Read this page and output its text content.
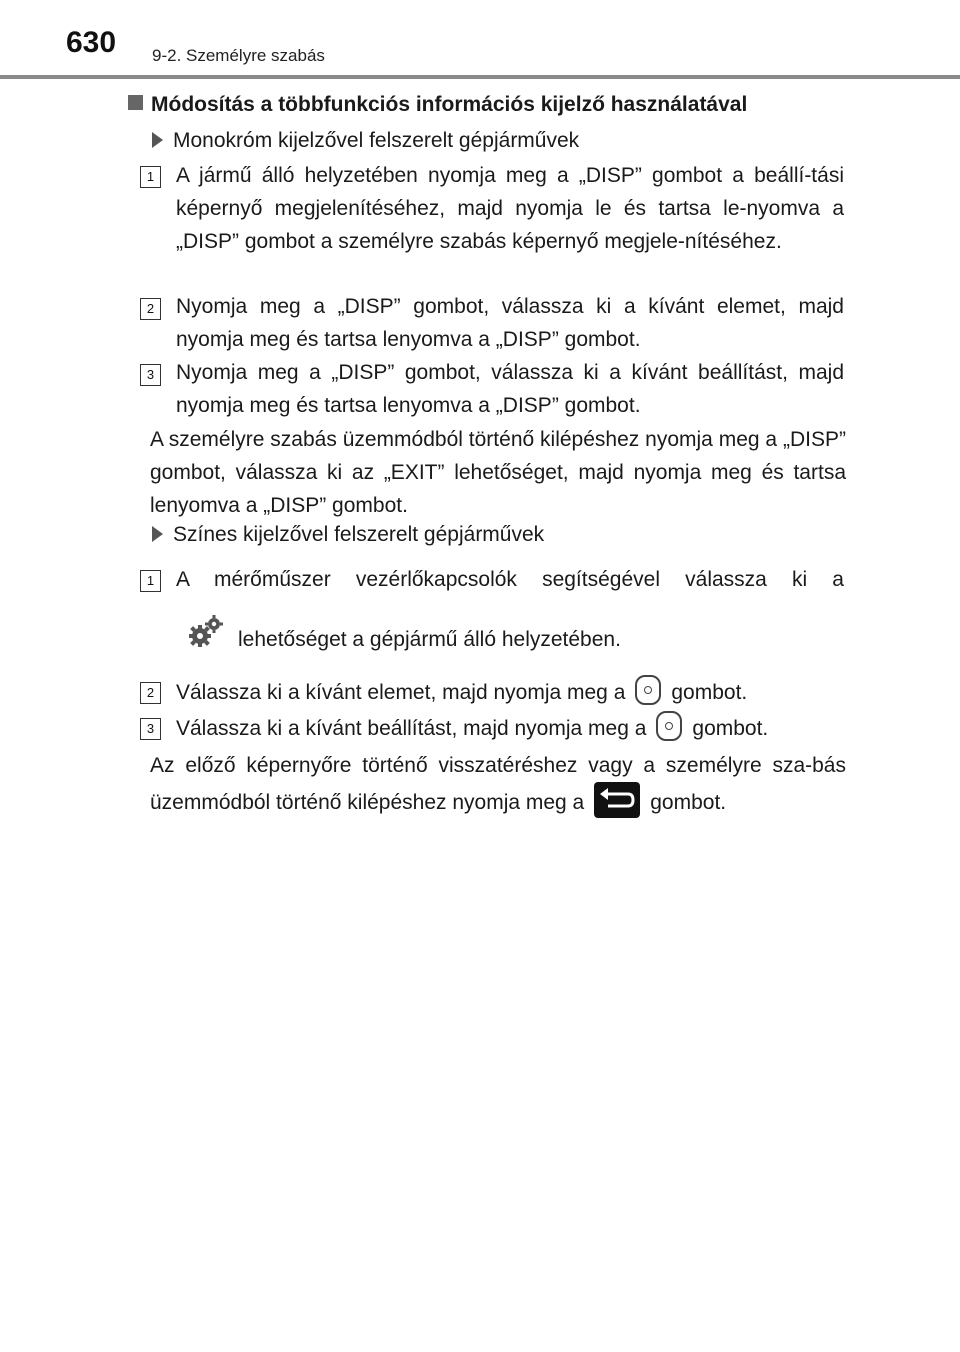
630 9-2. Személyre szabás
Módosítás a többfunkciós információs kijelző használatával
Monokróm kijelzővel felszerelt gépjárművek
1	A jármű álló helyzetében nyomja meg a „DISP” gombot a beállí-tási képernyő megjelenítéséhez, majd nyomja le és tartsa le-nyomva a „DISP” gombot a személyre szabás képernyő megjele-nítéséhez.
2	Nyomja meg a „DISP” gombot, válassza ki a kívánt elemet, majd nyomja meg és tartsa lenyomva a „DISP” gombot.
3	Nyomja meg a „DISP” gombot, válassza ki a kívánt beállítást, majd nyomja meg és tartsa lenyomva a „DISP” gombot.
A személyre szabás üzemmódból történő kilépéshez nyomja meg a „DISP” gombot, válassza ki az „EXIT” lehetőséget, majd nyomja meg és tartsa lenyomva a „DISP” gombot.
Színes kijelzővel felszerelt gépjárművek
1	A mérőműszer vezérlőkapcsolók segítségével válassza ki a
lehetőséget a gépjármű álló helyzetében.
2	Válassza ki a kívánt elemet, majd nyomja meg a gombot.
3	Válassza ki a kívánt beállítást, majd nyomja meg a gombot.
Az előző képernyőre történő visszatéréshez vagy a személyre sza-bás üzemmódból történő kilépéshez nyomja meg a	gombot.
